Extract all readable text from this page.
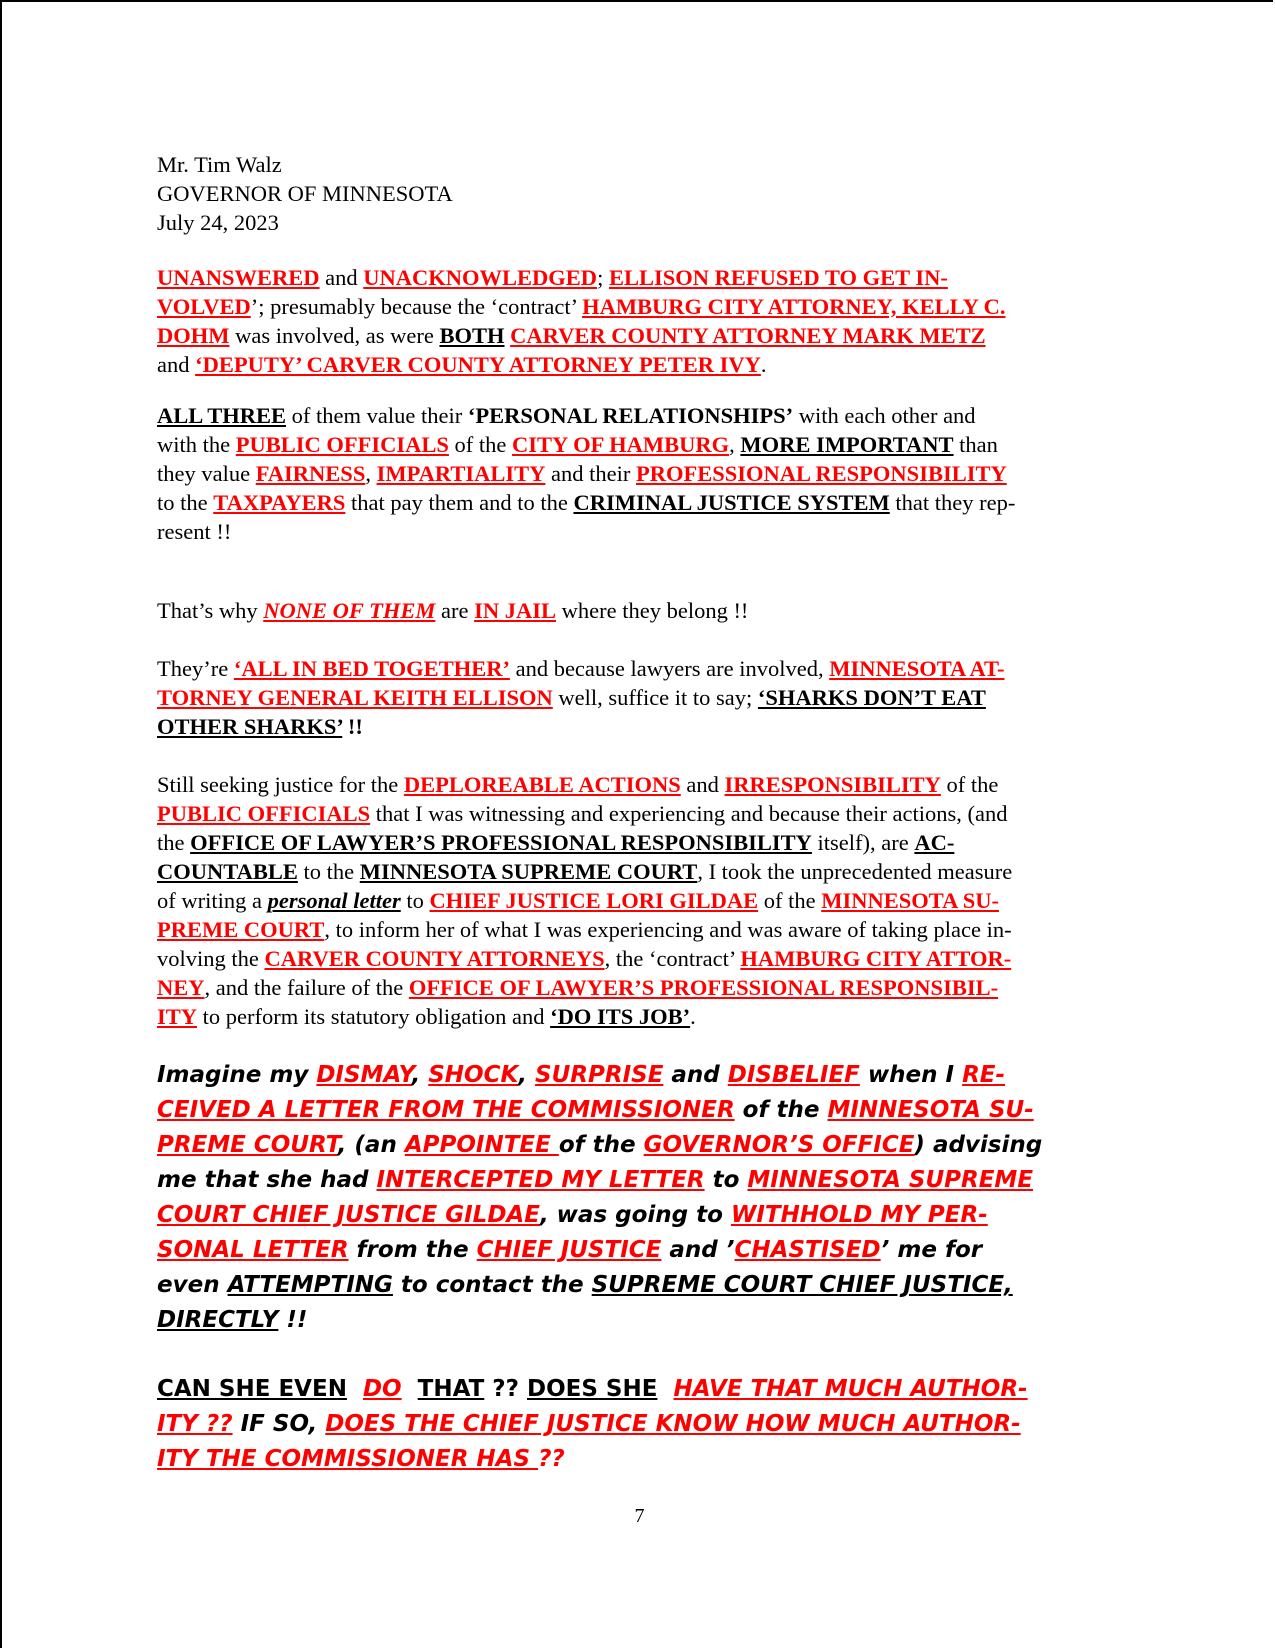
Mr. Tim Walz
GOVERNOR OF MINNESOTA
July 24, 2023
UNANSWERED and UNACKNOWLEDGED; ELLISON REFUSED TO GET IN-
VOLVED’; presumably because the ‘contract’ HAMBURG CITY ATTORNEY, KELLY C.
DOHM was involved, as were BOTH CARVER COUNTY ATTORNEY MARK METZ
and ‘DEPUTY’ CARVER COUNTY ATTORNEY PETER IVY.
ALL THREE of them value their ‘PERSONAL RELATIONSHIPS’ with each other and
with the PUBLIC OFFICIALS of the CITY OF HAMBURG, MORE IMPORTANT than
they value FAIRNESS, IMPARTIALITY and their PROFESSIONAL RESPONSIBILITY
to the TAXPAYERS that pay them and to the CRIMINAL JUSTICE SYSTEM that they rep-
resent !!
That’s why NONE OF THEM are IN JAIL where they belong !!
They’re ‘ALL IN BED TOGETHER’ and because lawyers are involved, MINNESOTA AT-
TORNEY GENERAL KEITH ELLISON well, suffice it to say; ‘SHARKS DON’T EAT
OTHER SHARKS’ !!
Still seeking justice for the DEPLOREABLE ACTIONS and IRRESPONSIBILITY of the
PUBLIC OFFICIALS that I was witnessing and experiencing and because their actions, (and
the OFFICE OF LAWYER’S PROFESSIONAL RESPONSIBILITY itself), are AC-
COUNTABLE to the MINNESOTA SUPREME COURT, I took the unprecedented measure
of writing a personal letter to CHIEF JUSTICE LORI GILDAE of the MINNESOTA SU-
PREME COURT, to inform her of what I was experiencing and was aware of taking place in-
volving the CARVER COUNTY ATTORNEYS, the ‘contract’ HAMBURG CITY ATTOR-
NEY, and the failure of the OFFICE OF LAWYER’S PROFESSIONAL RESPONSIBIL-
ITY to perform its statutory obligation and ‘DO ITS JOB’.
Imagine my DISMAY, SHOCK, SURPRISE and DISBELIEF when I RE-
CEIVED A LETTER FROM THE COMMISSIONER of the MINNESOTA SU-
PREME COURT, (an APPOINTEE of the GOVERNOR’S OFFICE) advising
me that she had INTERCEPTED MY LETTER to MINNESOTA SUPREME
COURT CHIEF JUSTICE GILDAE, was going to WITHHOLD MY PER-
SONAL LETTER from the CHIEF JUSTICE and ’CHASTISED’ me for
even ATTEMPTING to contact the SUPREME COURT CHIEF JUSTICE,
DIRECTLY !!
CAN SHE EVEN DO THAT ?? DOES SHE HAVE THAT MUCH AUTHOR-
ITY ?? IF SO, DOES THE CHIEF JUSTICE KNOW HOW MUCH AUTHOR-
ITY THE COMMISSIONER HAS ??
7
